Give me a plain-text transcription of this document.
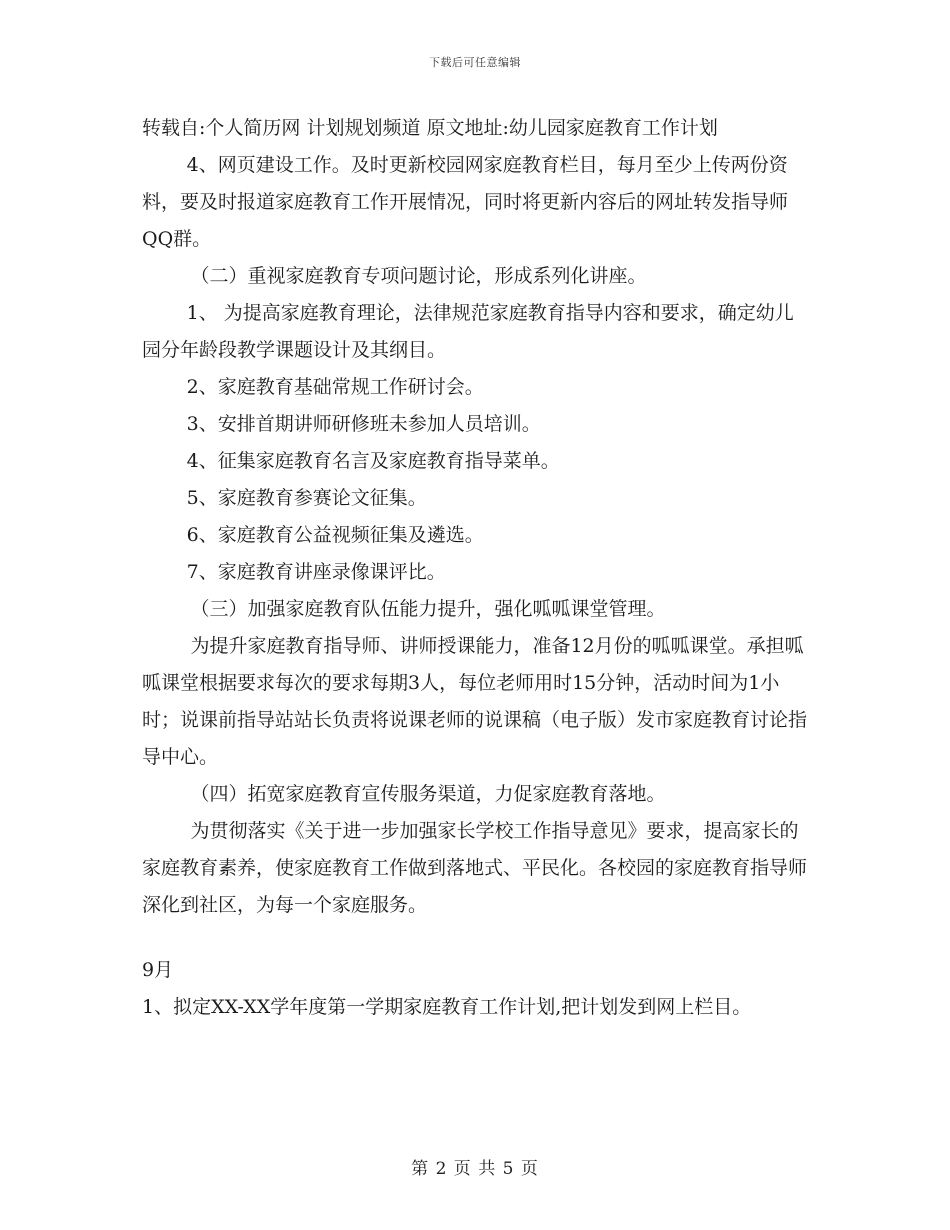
下载后可任意编辑

转载自:个人简历网 计划规划频道 原文地址:幼儿园家庭教育工作计划

4、网页建设工作。及时更新校园网家庭教育栏目，每月至少上传两份资料，要及时报道家庭教育工作开展情况，同时将更新内容后的网址转发指导师QQ群。

（二）重视家庭教育专项问题讨论，形成系列化讲座。

1、 为提高家庭教育理论，法律规范家庭教育指导内容和要求，确定幼儿园分年龄段教学课题设计及其纲目。

2、家庭教育基础常规工作研讨会。

3、安排首期讲师研修班未参加人员培训。

4、征集家庭教育名言及家庭教育指导菜单。

5、家庭教育参赛论文征集。

6、家庭教育公益视频征集及遴选。

7、家庭教育讲座录像课评比。

（三）加强家庭教育队伍能力提升，强化呱呱课堂管理。

为提升家庭教育指导师、讲师授课能力，准备12月份的呱呱课堂。承担呱呱课堂根据要求每次的要求每期3人，每位老师用时15分钟，活动时间为1小时；说课前指导站站长负责将说课老师的说课稿（电子版）发市家庭教育讨论指导中心。

（四）拓宽家庭教育宣传服务渠道，力促家庭教育落地。

为贯彻落实《关于进一步加强家长学校工作指导意见》要求，提高家长的家庭教育素养，使家庭教育工作做到落地式、平民化。各校园的家庭教育指导师深化到社区，为每一个家庭服务。

9月

1、拟定XX-XX学年度第一学期家庭教育工作计划,把计划发到网上栏目。

第 2 页 共 5 页
